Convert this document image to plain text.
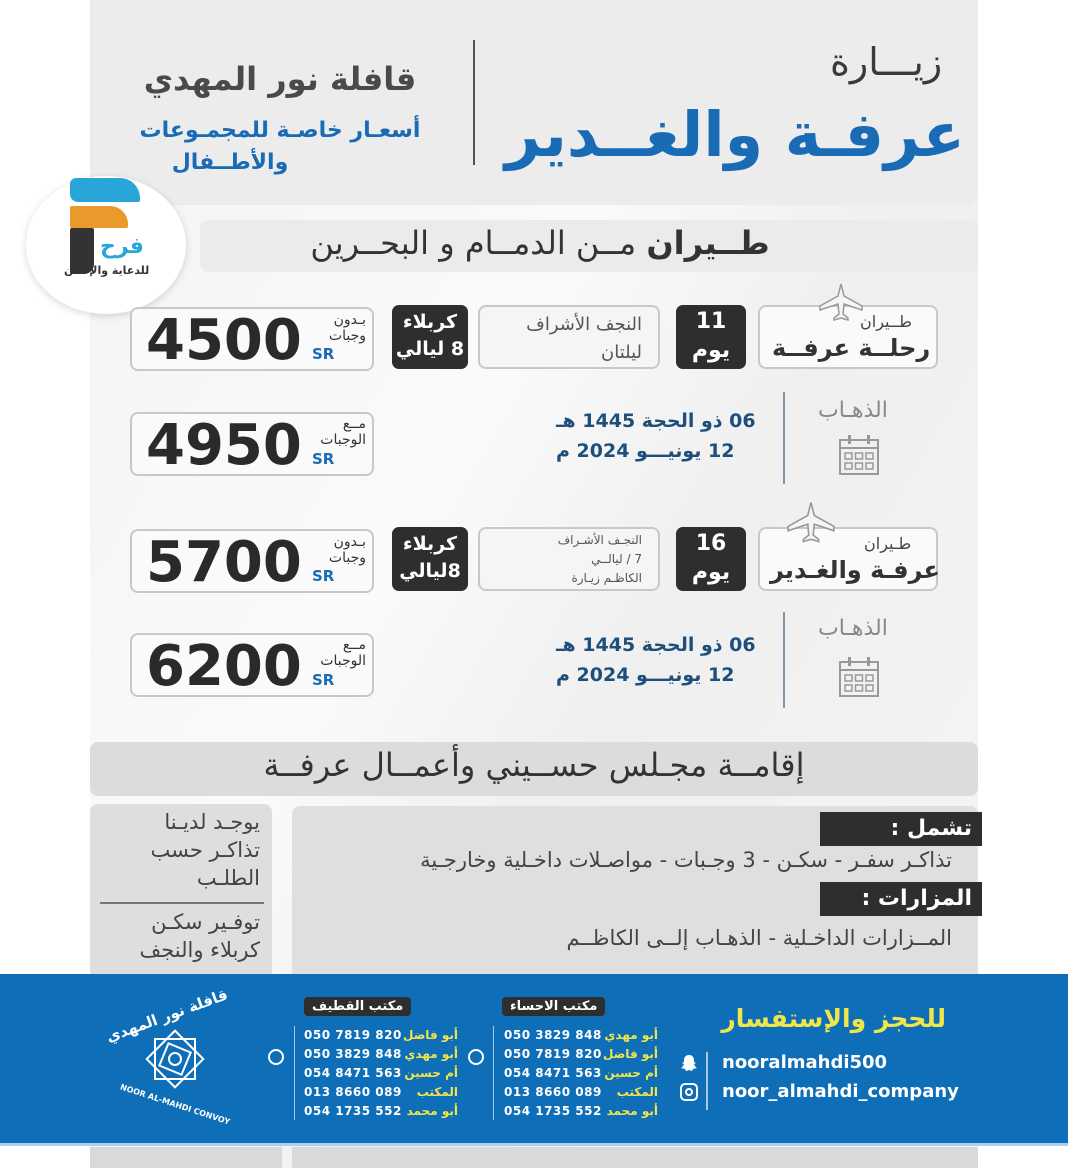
زيـــارة
عرفـة والغــدير
قافلة نور المهدي
أسعـار خاصـة للمجمـوعات
والأطــفال
فرح
للدعاية والإعلان
طــيران مــن الدمــام و البحــرين
طــيران
رحلــة عرفــة
11
يوم
النجف الأشراف
ليلتان
كربلاء
8 ليالي
4500	بـدون
وجبات
SR
الذهـاب
06 ذو الحجة 1445 هـ
12 يونيـــو 2024 م
4950	مــع
الوجبات
SR
طـيران
عرفـة والغـدير
16
يوم
النجـف الأشـراف
7 / ليالــي
الكاظـم زيـارة
كربلاء
8ليالي
5700	بـدون
وجبات
SR
الذهـاب
06 ذو الحجة 1445 هـ
12 يونيـــو 2024 م
6200	مــع
الوجبات
SR
إقامــة مجـلس حســيني وأعمــال عرفــة
يوجـد لديـنا
تذاكـر حسب
الطلـب
توفـير سكـن
كربلاء والنجف
تشمل :
تذاكـر سفـر - سكـن - 3 وجـبات - مواصـلات داخـلية وخارجـية
المزارات :
المــزارات الداخـلية - الذهـاب إلــى الكاظــم
للحجز والإستفسار
nooralmahdi500
noor_almahdi_company
مكتب الاحساء
أبو مهدي050 3829 848
أبو فاضل050 7819 820
أم حسين054 8471 563
المكتب013 8660 089
أبو محمد054 1735 552
مكتب القطيف
أبو فاضل050 7819 820
أبو مهدي050 3829 848
أم حسين054 8471 563
المكتب013 8660 089
أبو محمد054 1735 552
قافلة نور المهدي
NOOR AL-MAHDI CONVOY
